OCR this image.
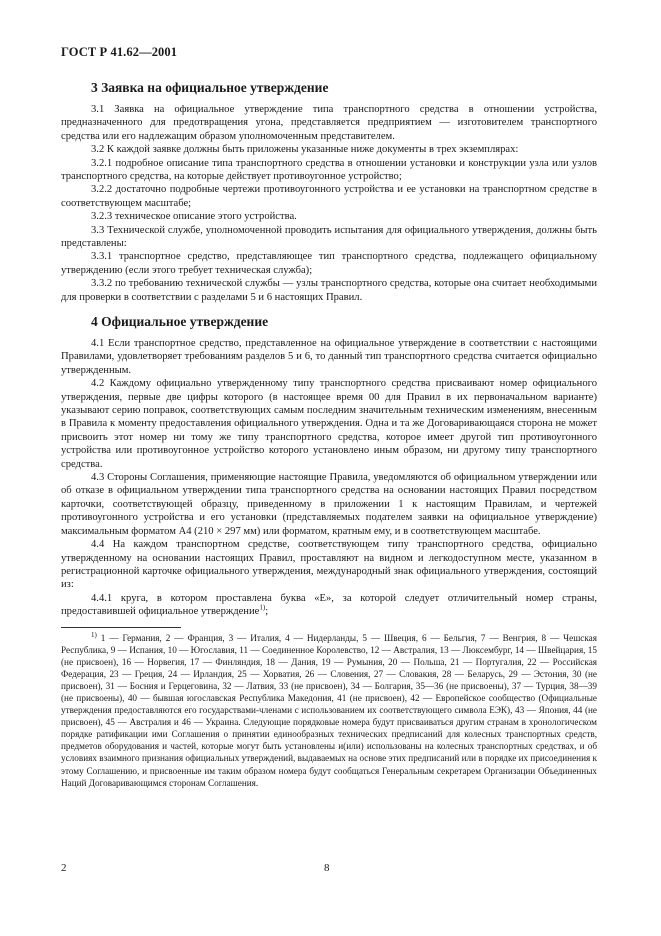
ГОСТ Р 41.62—2001
3 Заявка на официальное утверждение

3.1 Заявка на официальное утверждение типа транспортного средства в отношении устройства, предназначенного для предотвращения угона, представляется предприятием — изготовителем транспортного средства или его надлежащим образом уполномоченным представителем.

3.2 К каждой заявке должны быть приложены указанные ниже документы в трех экземплярах:

3.2.1 подробное описание типа транспортного средства в отношении установки и конструкции узла или узлов транспортного средства, на которые действует противоугонное устройство;

3.2.2 достаточно подробные чертежи противоугонного устройства и ее установки на транспортном средстве в соответствующем масштабе;

3.2.3 техническое описание этого устройства.

3.3 Технической службе, уполномоченной проводить испытания для официального утверждения, должны быть представлены:

3.3.1 транспортное средство, представляющее тип транспортного средства, подлежащего официальному утверждению (если этого требует техническая служба);

3.3.2 по требованию технической службы — узлы транспортного средства, которые она считает необходимыми для проверки в соответствии с разделами 5 и 6 настоящих Правил.

4 Официальное утверждение

4.1 Если транспортное средство, представленное на официальное утверждение в соответствии с настоящими Правилами, удовлетворяет требованиям разделов 5 и 6, то данный тип транспортного средства считается официально утвержденным.

4.2 Каждому официально утвержденному типу транспортного средства присваивают номер официального утверждения, первые две цифры которого (в настоящее время 00 для Правил в их первоначальном варианте) указывают серию поправок, соответствующих самым последним значительным техническим изменениям, внесенным в Правила к моменту предоставления официального утверждения. Одна и та же Договаривающаяся сторона не может присвоить этот номер ни тому же типу транспортного средства, которое имеет другой тип противоугонного устройства или противоугонное устройство которого установлено иным образом, ни другому типу транспортного средства.

4.3 Стороны Соглашения, применяющие настоящие Правила, уведомляются об официальном утверждении или об отказе в официальном утверждении типа транспортного средства на основании настоящих Правил посредством карточки, соответствующей образцу, приведенному в приложении 1 к настоящим Правилам, и чертежей противоугонного устройства и его установки (представляемых подателем заявки на официальное утверждение) максимальным форматом А4 (210 × 297 мм) или форматом, кратным ему, и в соответствующем масштабе.

4.4 На каждом транспортном средстве, соответствующем типу транспортного средства, официально утвержденному на основании настоящих Правил, проставляют на видном и легкодоступном месте, указанном в регистрационной карточке официального утверждения, международный знак официального утверждения, состоящий из:

4.4.1 круга, в котором проставлена буква «Е», за которой следует отличительный номер страны, предоставившей официальное утверждение$^{1)}$;

$^{1)}$ 1 — Германия, 2 — Франция, 3 — Италия, 4 — Нидерланды, 5 — Швеция, 6 — Бельгия, 7 — Венгрия, 8 — Чешская Республика, 9 — Испания, 10 — Югославия, 11 — Соединенное Королевство, 12 — Австралия, 13 — Люксембург, 14 — Швейцария, 15 (не присвоен), 16 — Норвегия, 17 — Финляндия, 18 — Дания, 19 — Румыния, 20 — Польша, 21 — Португалия, 22 — Российская Федерация, 23 — Греция, 24 — Ирландия, 25 — Хорватия, 26 — Словения, 27 — Словакия, 28 — Беларусь, 29 — Эстония, 30 (не присвоен), 31 — Босния и Герцеговина, 32 — Латвия, 33 (не присвоен), 34 — Болгария, 35—36 (не присвоены), 37 — Турция, 38—39 (не присвоены), 40 — бывшая югославская Республика Македония, 41 (не присвоен), 42 — Европейское сообщество (Официальные утверждения предоставляются его государствами-членами с использованием их соответствующего символа ЕЭК), 43 — Япония, 44 (не присвоен), 45 — Австралия и 46 — Украина. Следующие порядковые номера будут присваиваться другим странам в хронологическом порядке ратификации ими Соглашения о принятии единообразных технических предписаний для колесных транспортных средств, предметов оборудования и частей, которые могут быть установлены и(или) использованы на колесных транспортных средствах, и об условиях взаимного признания официальных утверждений, выдаваемых на основе этих предписаний или в порядке их присоединения к этому Соглашению, и присвоенные им таким образом номера будут сообщаться Генеральным секретарем Организации Объединенных Наций Договаривающимся сторонам Соглашения.
2	8
